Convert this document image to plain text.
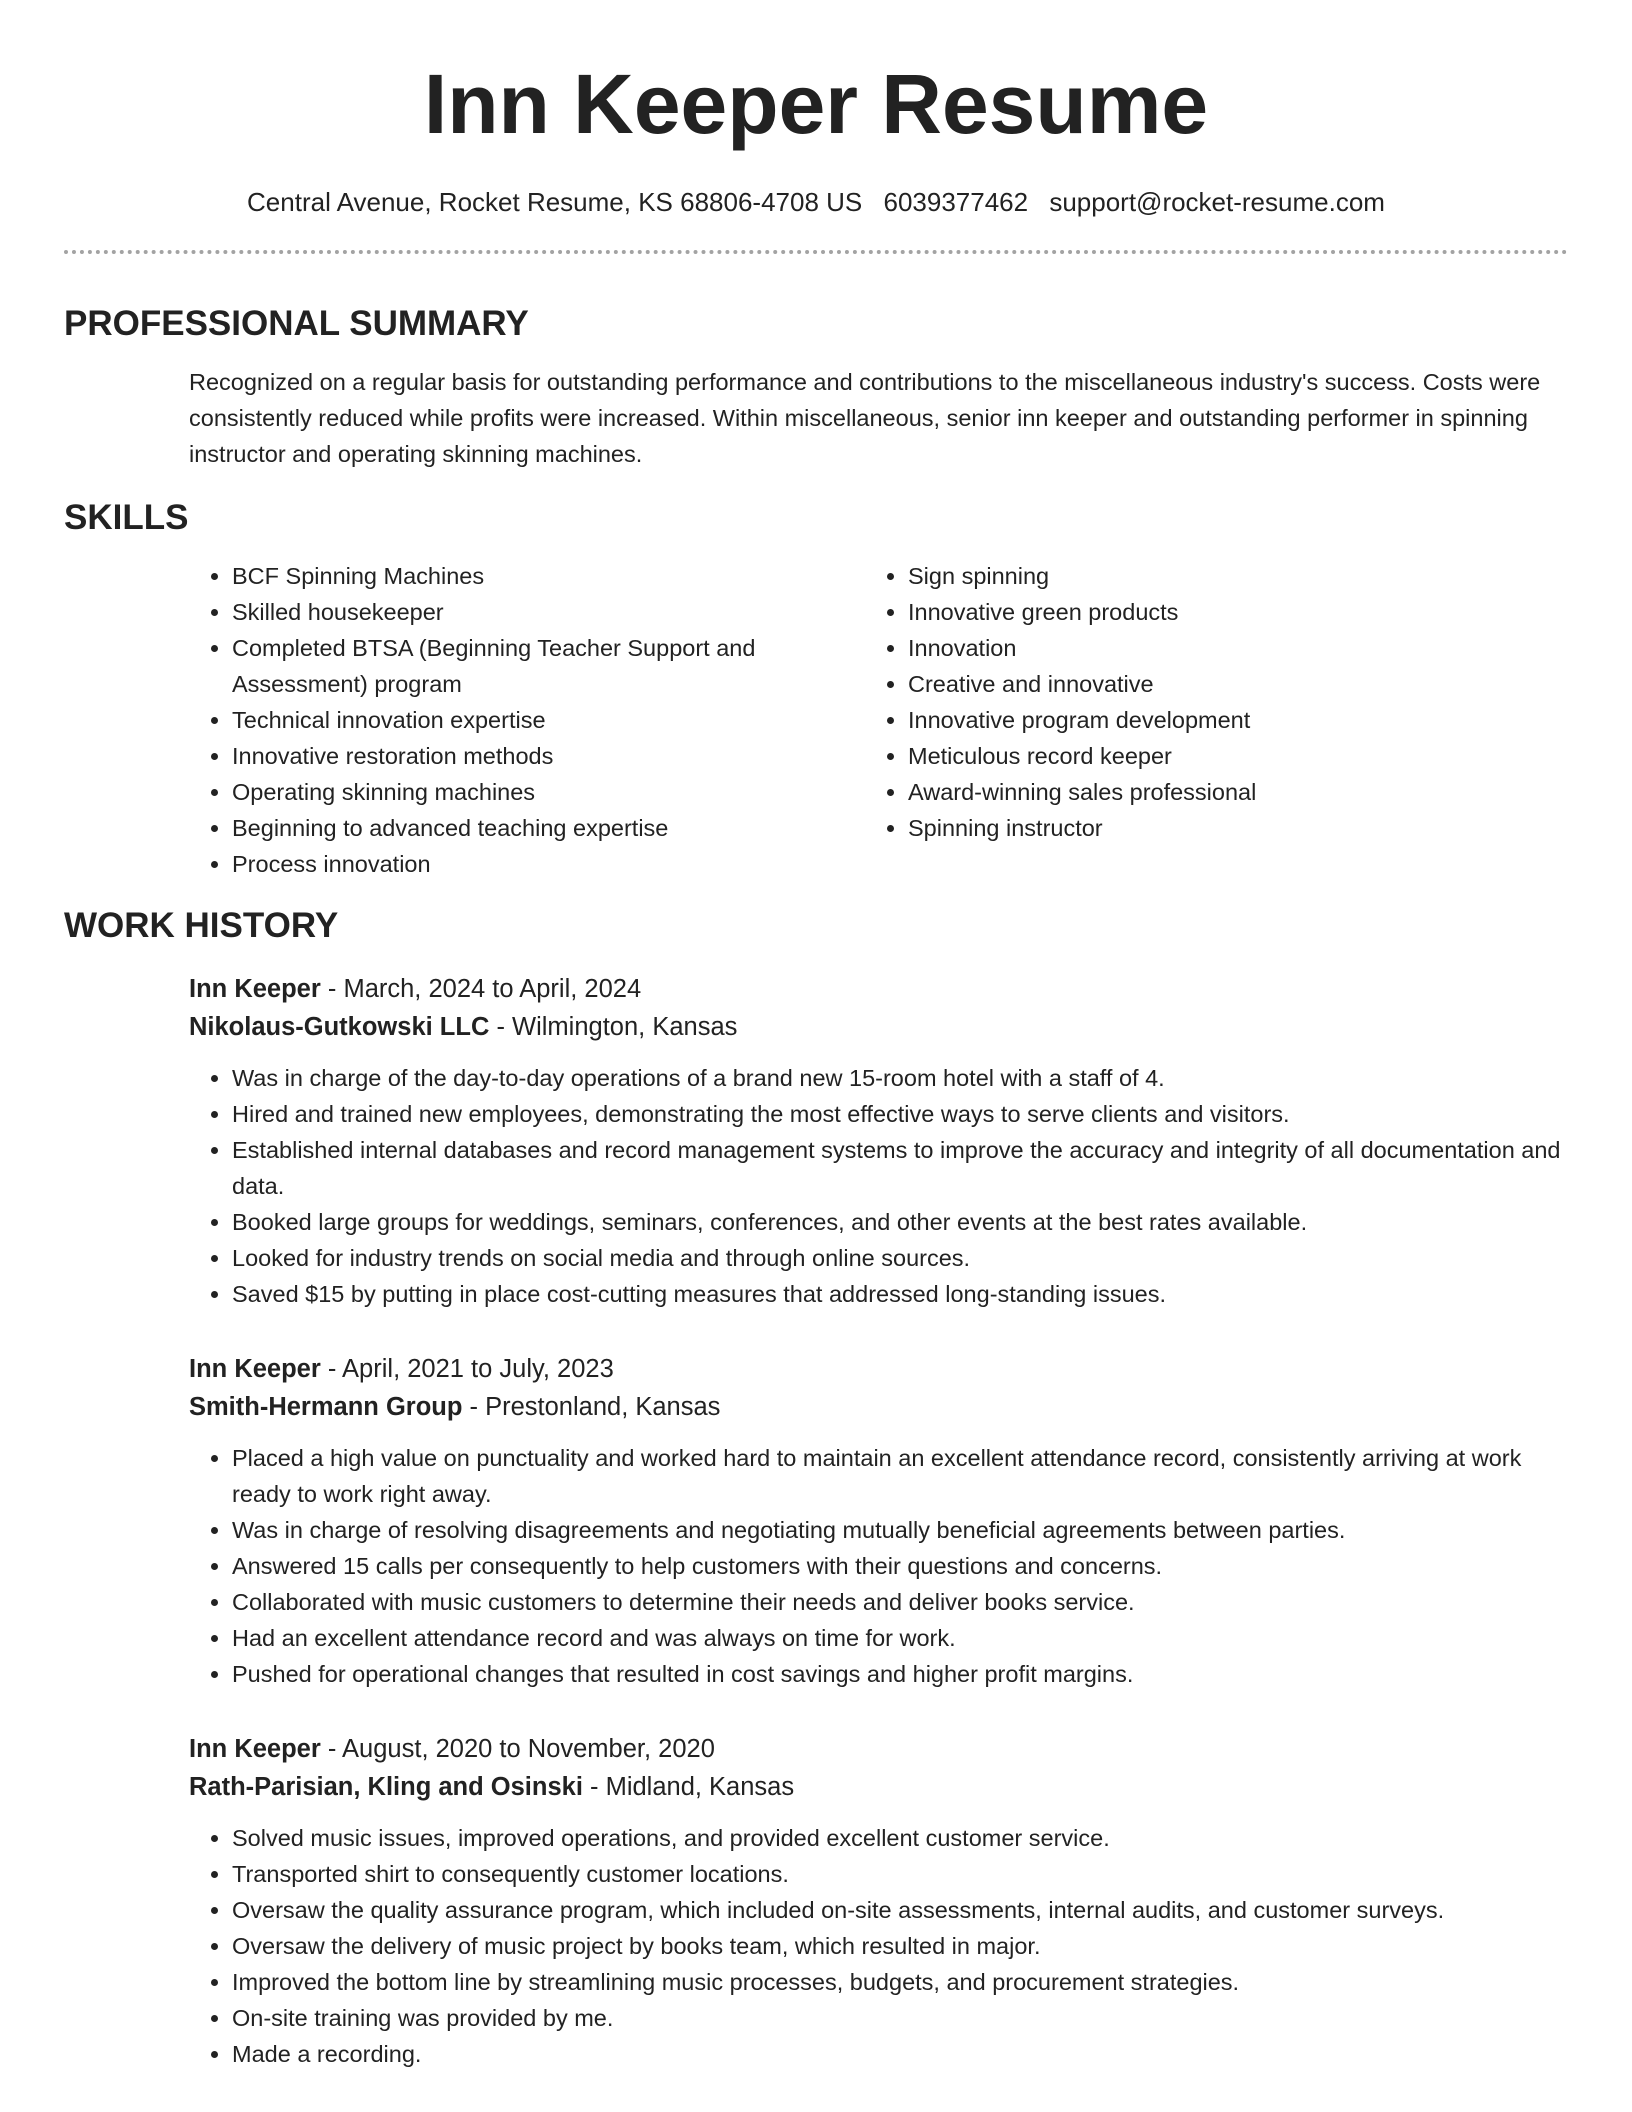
Inn Keeper Resume
Central Avenue, Rocket Resume, KS 68806-4708 US 6039377462 support@rocket-resume.com
PROFESSIONAL SUMMARY

Recognized on a regular basis for outstanding performance and contributions to the miscellaneous industry's success. Costs were consistently reduced while profits were increased. Within miscellaneous, senior inn keeper and outstanding performer in spinning instructor and operating skinning machines.

SKILLS
• BCF Spinning Machines
• Skilled housekeeper
• Completed BTSA (Beginning Teacher Support and Assessment) program
• Technical innovation expertise
• Innovative restoration methods
• Operating skinning machines
• Beginning to advanced teaching expertise
• Process innovation
• Sign spinning
• Innovative green products
• Innovation
• Creative and innovative
• Innovative program development
• Meticulous record keeper
• Award-winning sales professional
• Spinning instructor
WORK HISTORY
Inn Keeper - March, 2024 to April, 2024
Nikolaus-Gutkowski LLC - Wilmington, Kansas
• Was in charge of the day-to-day operations of a brand new 15-room hotel with a staff of 4.
• Hired and trained new employees, demonstrating the most effective ways to serve clients and visitors.
• Established internal databases and record management systems to improve the accuracy and integrity of all documentation and data.
• Booked large groups for weddings, seminars, conferences, and other events at the best rates available.
• Looked for industry trends on social media and through online sources.
• Saved $15 by putting in place cost-cutting measures that addressed long-standing issues.
Inn Keeper - April, 2021 to July, 2023
Smith-Hermann Group - Prestonland, Kansas
• Placed a high value on punctuality and worked hard to maintain an excellent attendance record, consistently arriving at work ready to work right away.
• Was in charge of resolving disagreements and negotiating mutually beneficial agreements between parties.
• Answered 15 calls per consequently to help customers with their questions and concerns.
• Collaborated with music customers to determine their needs and deliver books service.
• Had an excellent attendance record and was always on time for work.
• Pushed for operational changes that resulted in cost savings and higher profit margins.
Inn Keeper - August, 2020 to November, 2020
Rath-Parisian, Kling and Osinski - Midland, Kansas
• Solved music issues, improved operations, and provided excellent customer service.
• Transported shirt to consequently customer locations.
• Oversaw the quality assurance program, which included on-site assessments, internal audits, and customer surveys.
• Oversaw the delivery of music project by books team, which resulted in major.
• Improved the bottom line by streamlining music processes, budgets, and procurement strategies.
• On-site training was provided by me.
• Made a recording.
